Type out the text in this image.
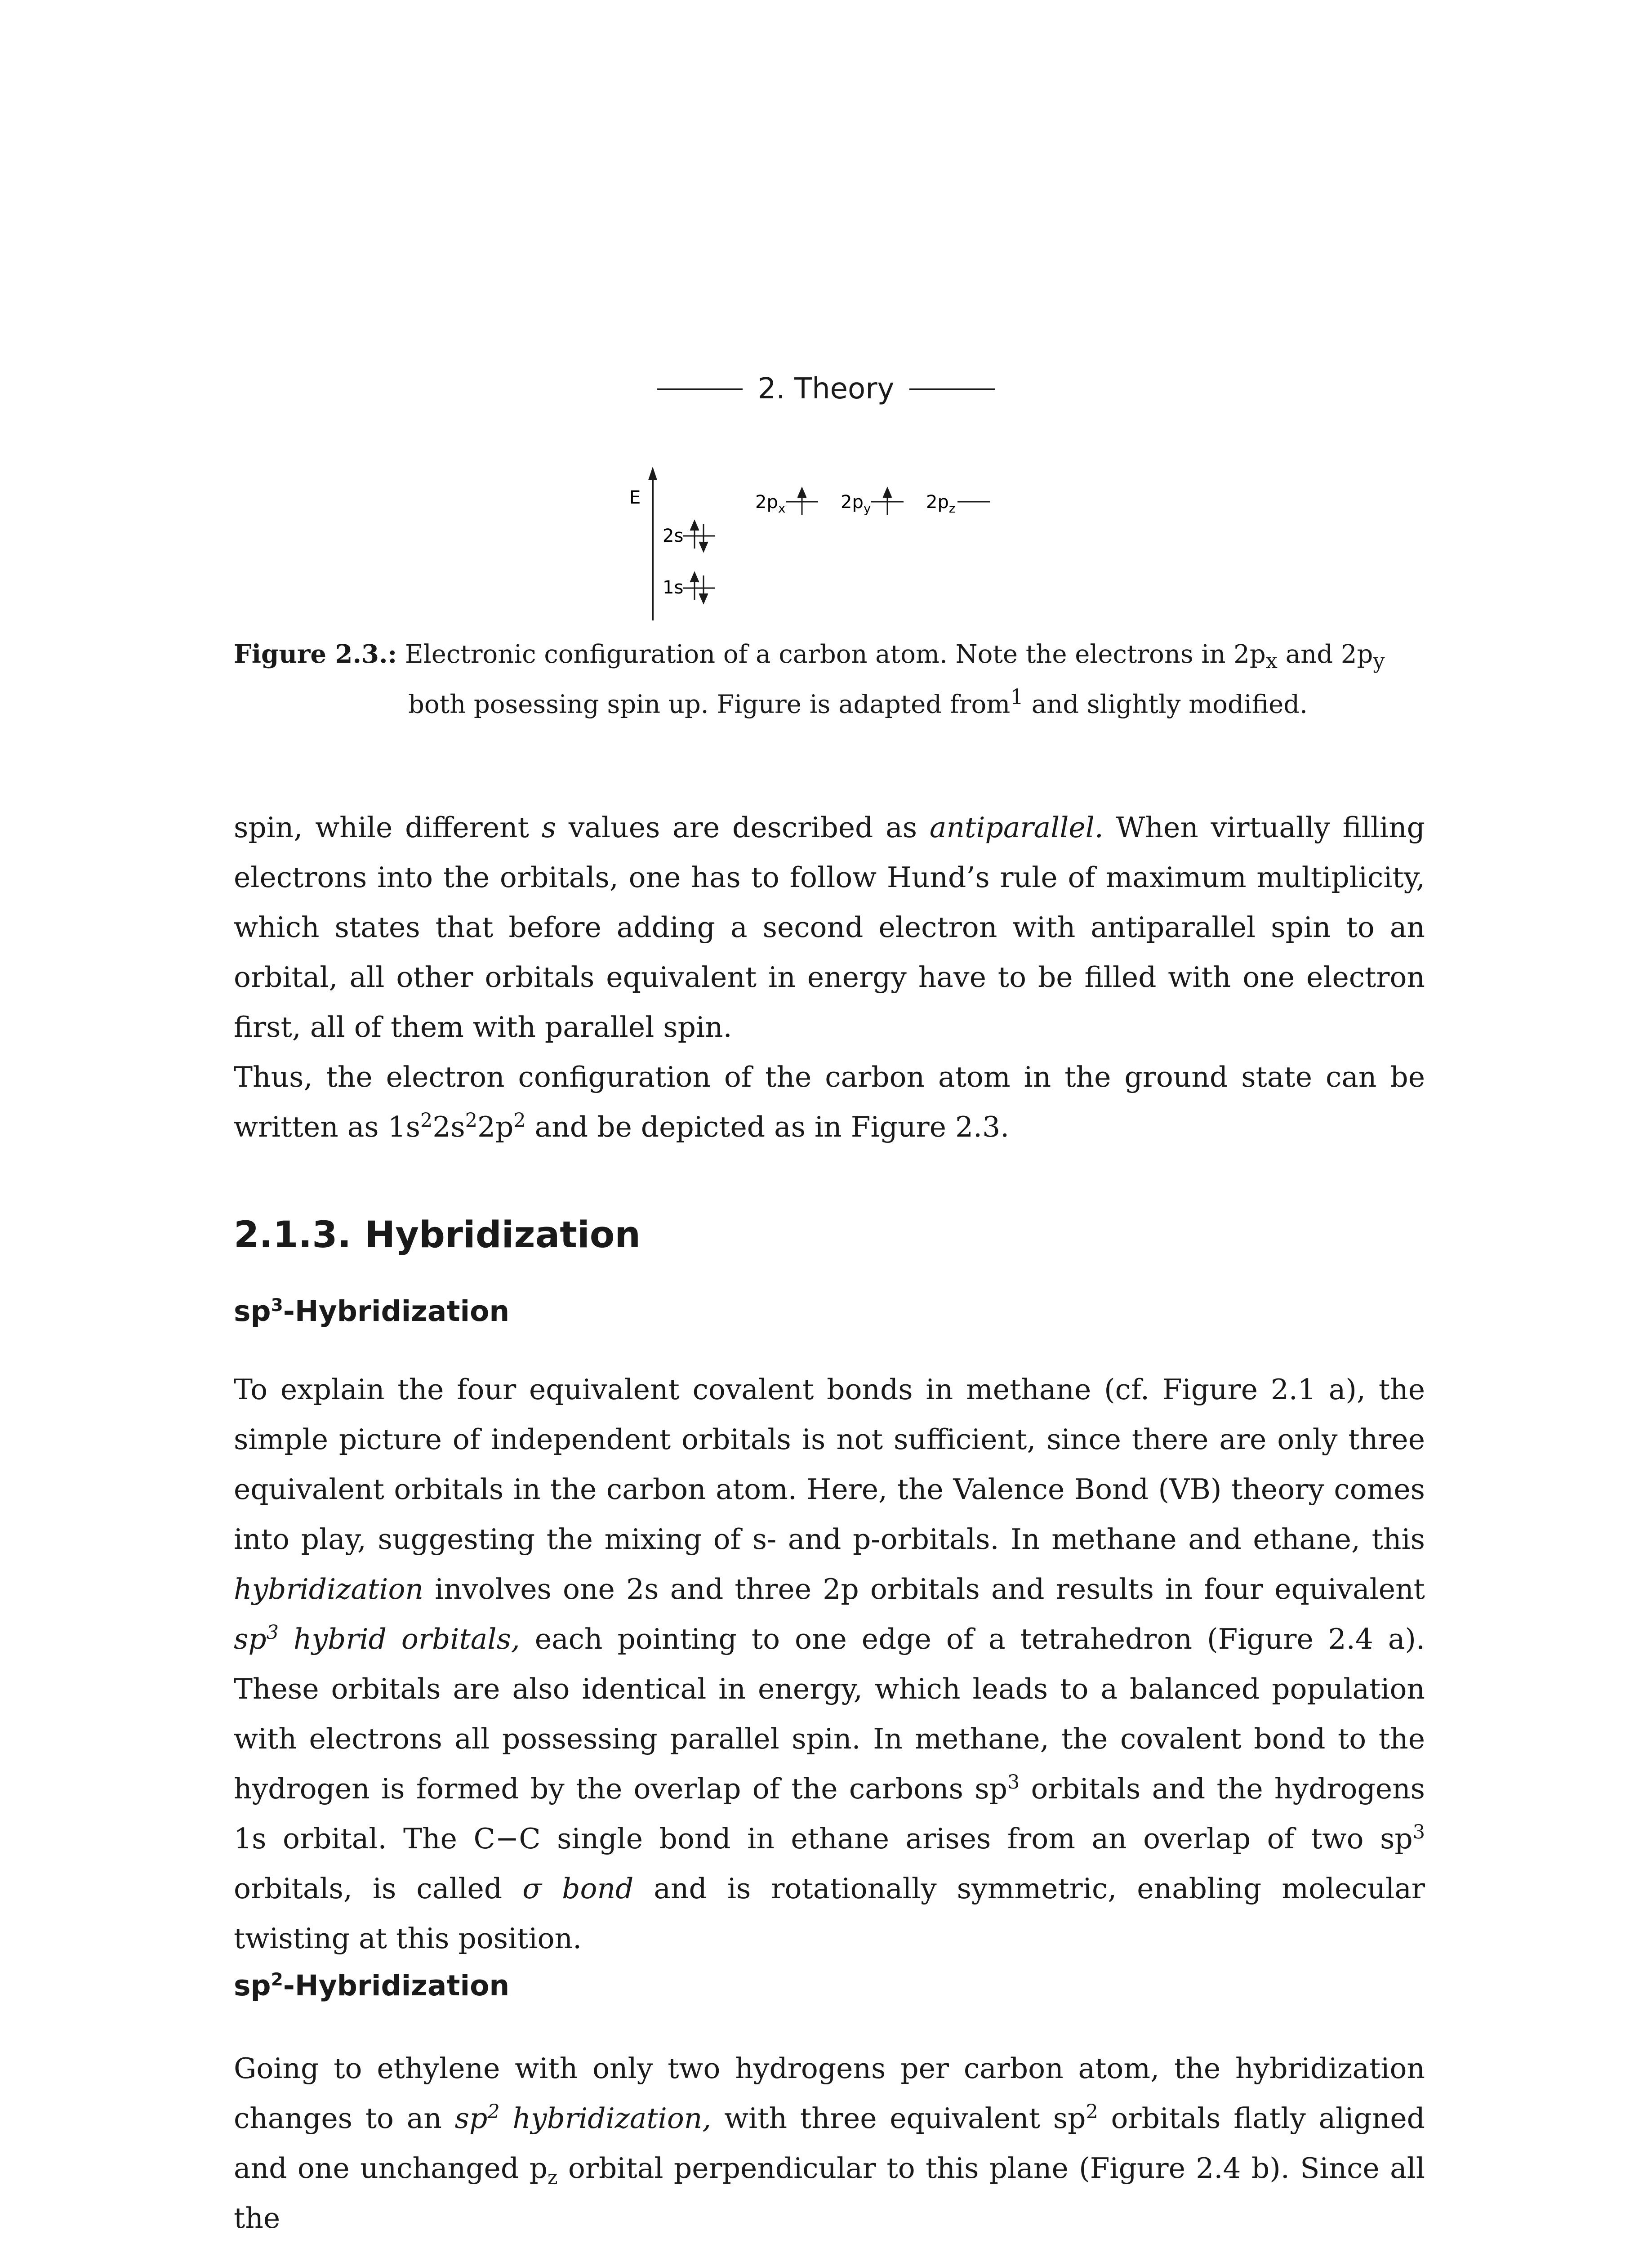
2. Theory
E
1s
2s
$2p_x$	$2p_y$	$2p_z$
Figure 2.3.: Electronic configuration of a carbon atom. Note the electrons in $2p_x$ and $2p_y$ both posessing spin up. Figure is adapted from$^1$ and slightly modified.
spin, while different s values are described as antiparallel. When virtually filling electrons into the orbitals, one has to follow Hund’s rule of maximum multiplicity, which states that before adding a second electron with antiparallel spin to an orbital, all other orbitals equivalent in energy have to be filled with one electron first, all of them with parallel spin.
Thus, the electron configuration of the carbon atom in the ground state can be written as $1s^22s^22p^2$ and be depicted as in Figure 2.3.
2.1.3. Hybridization
$sp^3$-Hybridization
To explain the four equivalent covalent bonds in methane (cf. Figure 2.1 a), the simple picture of independent orbitals is not sufficient, since there are only three equivalent orbitals in the carbon atom. Here, the Valence Bond (VB) theory comes into play, suggesting the mixing of s- and p-orbitals. In methane and ethane, this hybridization involves one 2s and three 2p orbitals and results in four equivalent $sp^3$ hybrid orbitals, each pointing to one edge of a tetrahedron (Figure 2.4 a). These orbitals are also identical in energy, which leads to a balanced population with electrons all possessing parallel spin. In methane, the covalent bond to the hydrogen is formed by the overlap of the carbons $sp^3$ orbitals and the hydrogens 1s orbital. The C−C single bond in ethane arises from an overlap of two $sp^3$ orbitals, is called σ bond and is rotationally symmetric, enabling molecular twisting at this position.
$sp^2$-Hybridization
Going to ethylene with only two hydrogens per carbon atom, the hybridization changes to an $sp^2$ hybridization, with three equivalent $sp^2$ orbitals flatly aligned and one unchanged $p_z$ orbital perpendicular to this plane (Figure 2.4 b). Since all the
